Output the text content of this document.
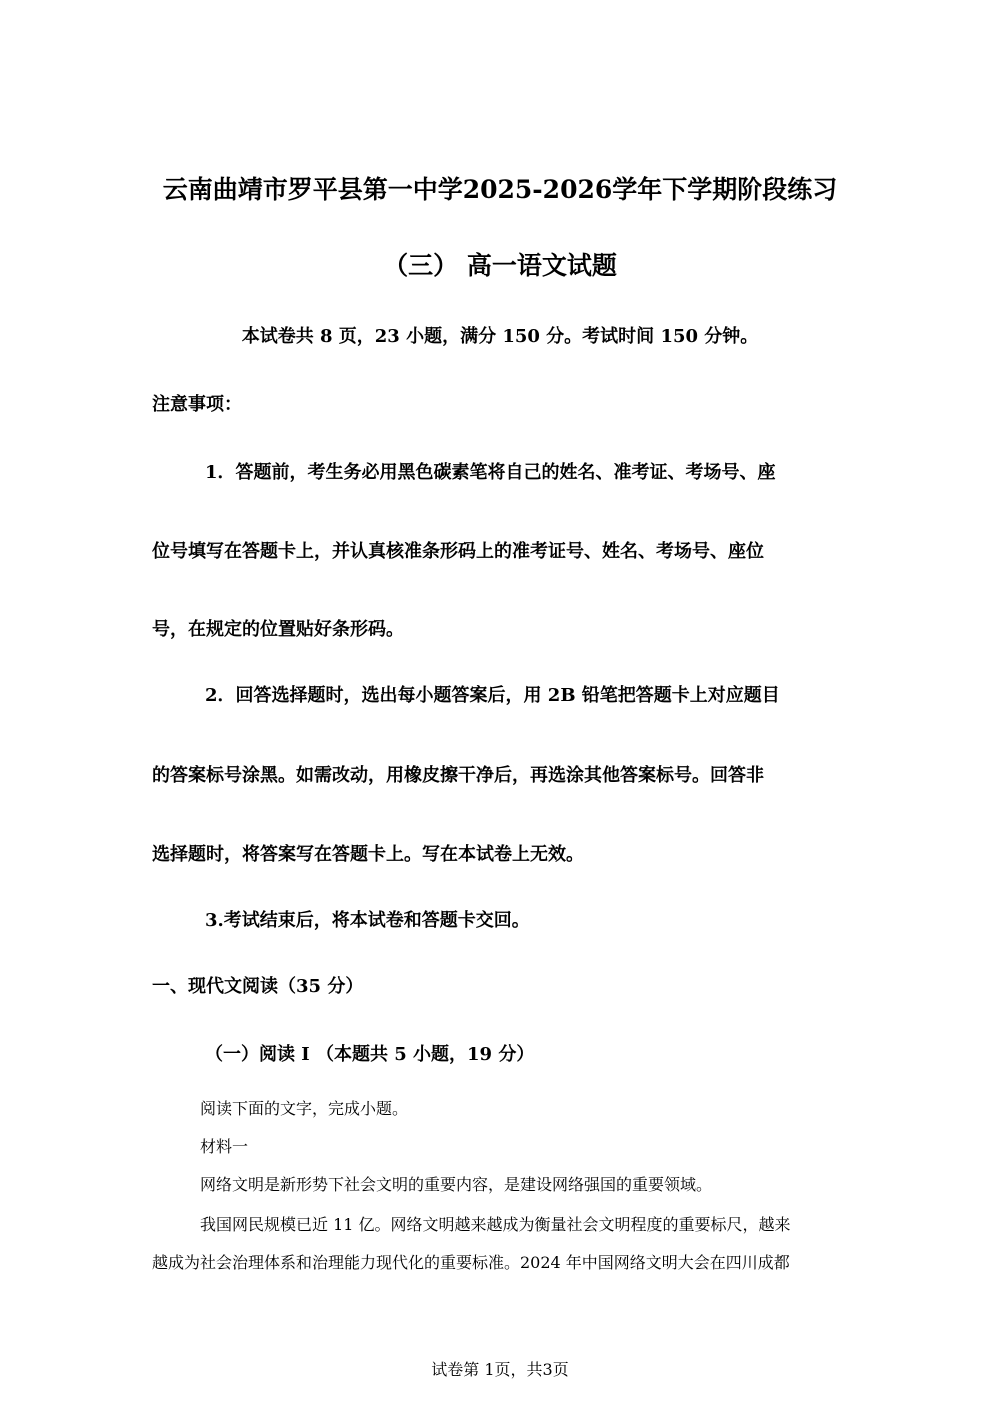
云南曲靖市罗平县第一中学2025-2026学年下学期阶段练习
（三） 高一语文试题
本试卷共 8 页，23 小题，满分 150 分。考试时间 150 分钟。
注意事项：
1．答题前，考生务必用黑色碳素笔将自己的姓名、准考证、考场号、座
位号填写在答题卡上，并认真核准条形码上的准考证号、姓名、考场号、座位
号，在规定的位置贴好条形码。
2．回答选择题时，选出每小题答案后，用 2B 铅笔把答题卡上对应题目
的答案标号涂黑。如需改动，用橡皮擦干净后，再选涂其他答案标号。回答非
选择题时，将答案写在答题卡上。写在本试卷上无效。
3.考试结束后，将本试卷和答题卡交回。
一、现代文阅读（35 分）
（一）阅读 I （本题共 5 小题，19 分）
阅读下面的文字，完成小题。
材料一
网络文明是新形势下社会文明的重要内容，是建设网络强国的重要领域。
我国网民规模已近 11 亿。网络文明越来越成为衡量社会文明程度的重要标尺，越来
越成为社会治理体系和治理能力现代化的重要标准。2024 年中国网络文明大会在四川成都
试卷第 1页，共3页
